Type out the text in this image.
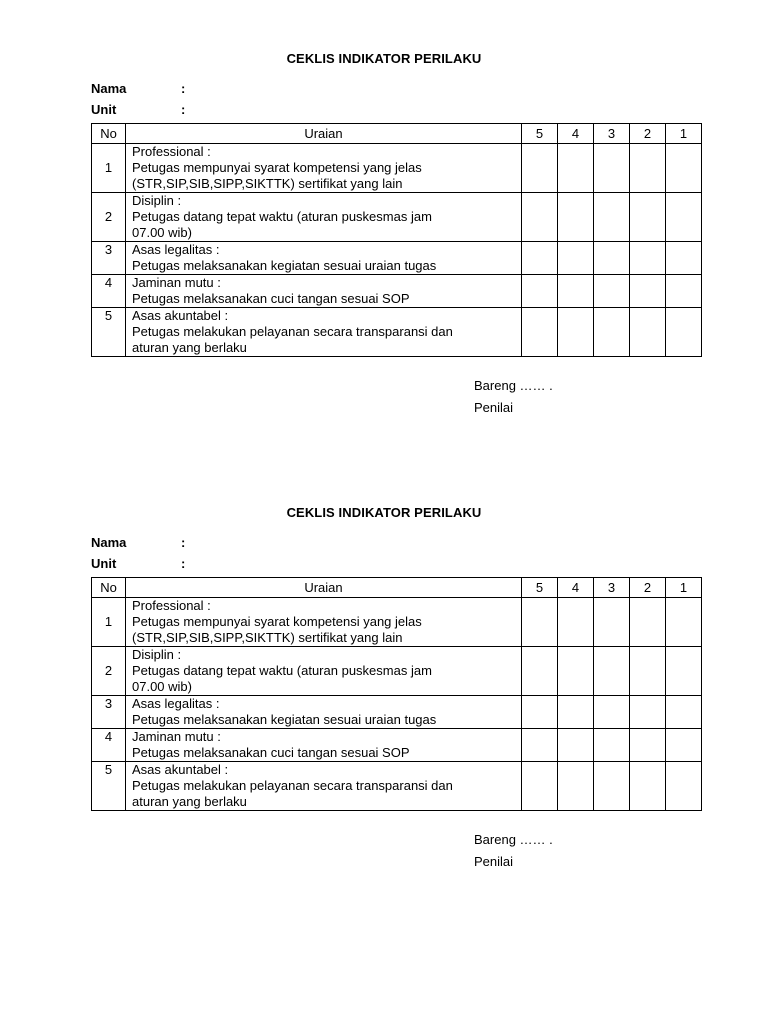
CEKLIS INDIKATOR PERILAKU
Nama	:
Unit	:
No	Uraian	5	4	3	2	1
1	Professional :
Petugas mempunyai syarat kompetensi yang jelas
(STR,SIP,SIB,SIPP,SIKTTK) sertifikat yang lain					

2	Disiplin :
Petugas datang tepat waktu (aturan puskesmas jam
07.00 wib)					

3	Asas legalitas :
Petugas melaksanakan kegiatan sesuai uraian tugas					

4	Jaminan mutu :
Petugas melaksanakan cuci tangan sesuai SOP					

5	Asas akuntabel :
Petugas melakukan pelayanan secara transparansi dan
aturan yang berlaku					

Bareng …… .
Penilai
CEKLIS INDIKATOR PERILAKU
Nama	:
Unit	:
No	Uraian	5	4	3	2	1
1	Professional :
Petugas mempunyai syarat kompetensi yang jelas
(STR,SIP,SIB,SIPP,SIKTTK) sertifikat yang lain					

2	Disiplin :
Petugas datang tepat waktu (aturan puskesmas jam
07.00 wib)					

3	Asas legalitas :
Petugas melaksanakan kegiatan sesuai uraian tugas					

4	Jaminan mutu :
Petugas melaksanakan cuci tangan sesuai SOP					

5	Asas akuntabel :
Petugas melakukan pelayanan secara transparansi dan
aturan yang berlaku					

Bareng …… .
Penilai
